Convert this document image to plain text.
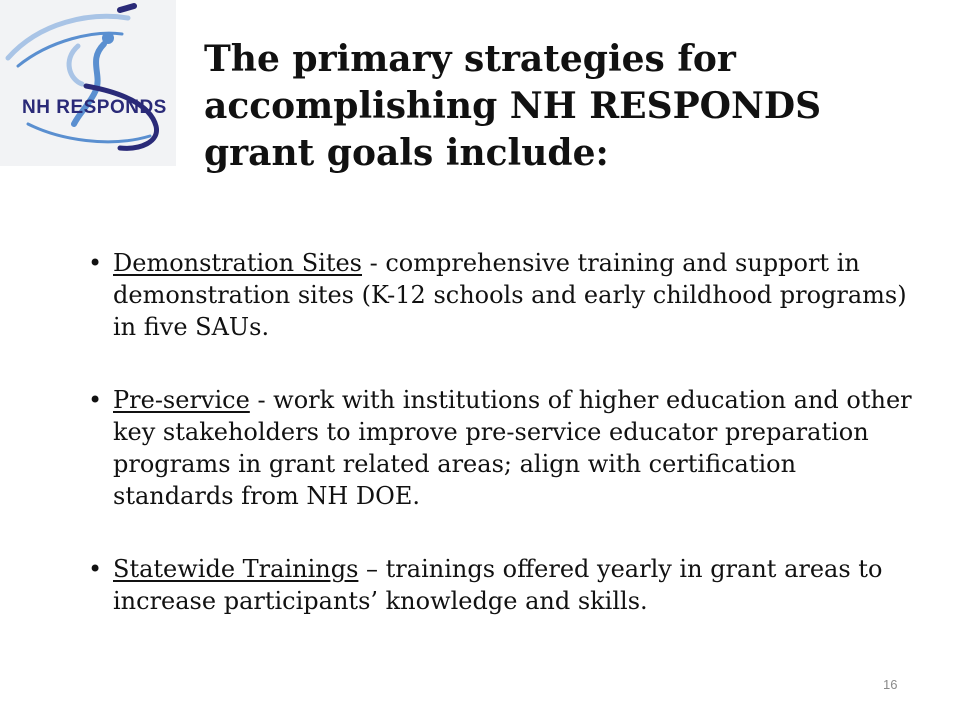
NH RESPONDS
The primary strategies for accomplishing NH RESPONDS grant goals include:
• Demonstration Sites - comprehensive training and support in demonstration sites (K-12 schools and early childhood programs) in five SAUs.
• Pre-service - work with institutions of higher education and other key stakeholders to improve pre-service educator preparation programs in grant related areas; align with certification standards from NH DOE.
• Statewide Trainings – trainings offered yearly in grant areas to increase participants’ knowledge and skills.
16
